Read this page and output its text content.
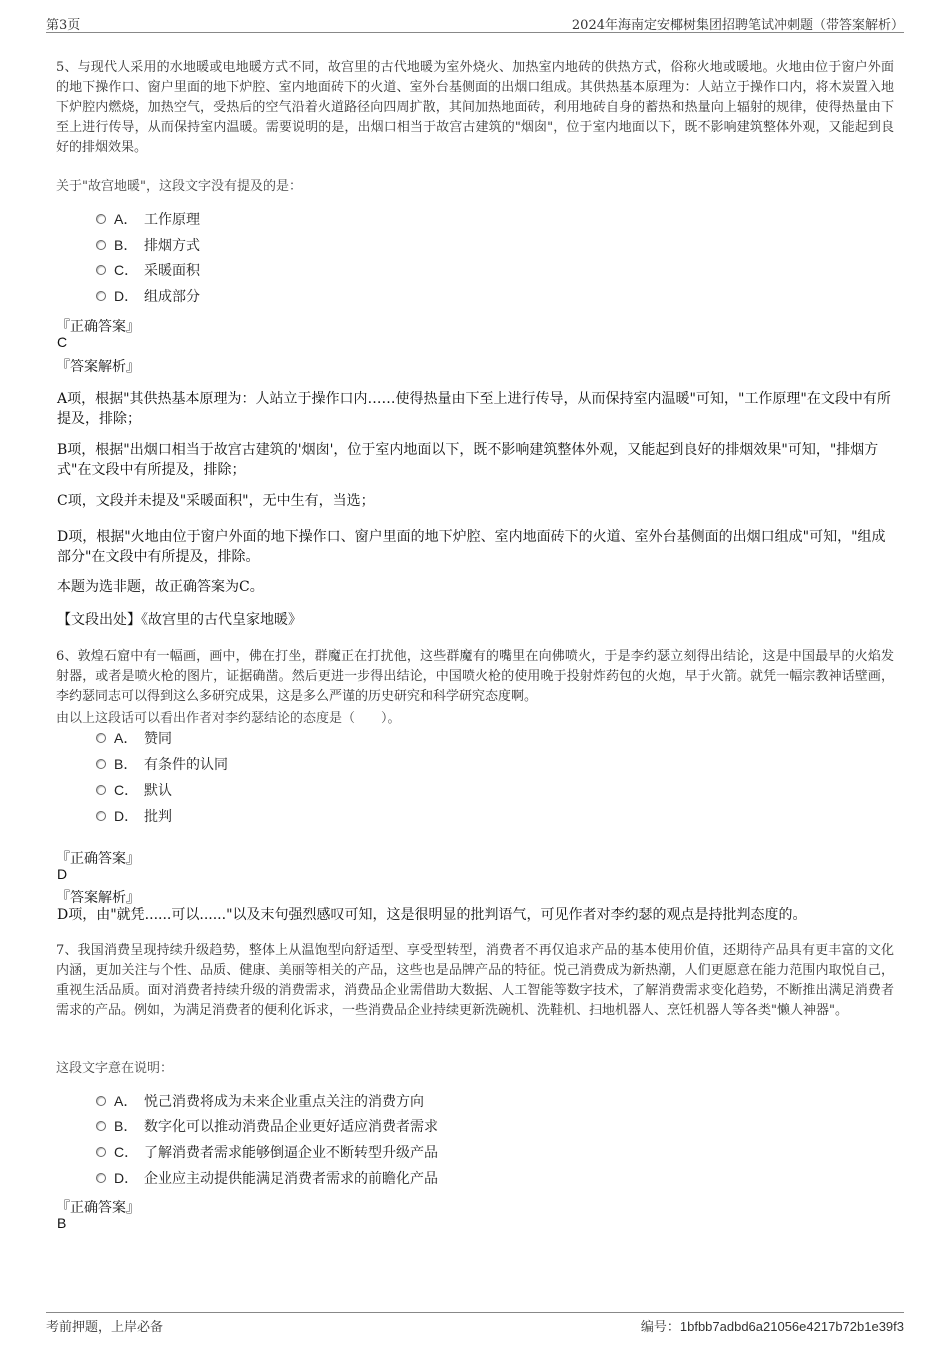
第3页	2024年海南定安椰树集团招聘笔试冲刺题（带答案解析）
5、与现代人采用的水地暖或电地暖方式不同，故宫里的古代地暖为室外烧火、加热室内地砖的供热方式，俗称火地或暖地。火地由位于窗户外面的地下操作口、窗户里面的地下炉腔、室内地面砖下的火道、室外台基侧面的出烟口组成。其供热基本原理为：人站立于操作口内，将木炭置入地下炉腔内燃烧，加热空气，受热后的空气沿着火道路径向四周扩散，其间加热地面砖，利用地砖自身的蓄热和热量向上辐射的规律，使得热量由下至上进行传导，从而保持室内温暖。需要说明的是，出烟口相当于故宫古建筑的"烟囱"，位于室内地面以下，既不影响建筑整体外观，又能起到良好的排烟效果。
关于"故宫地暖"，这段文字没有提及的是：
A． 工作原理
B． 排烟方式
C． 采暖面积
D． 组成部分
『正确答案』
C
『答案解析』
A项，根据"其供热基本原理为：人站立于操作口内……使得热量由下至上进行传导，从而保持室内温暖"可知，"工作原理"在文段中有所提及，排除；
B项，根据"出烟口相当于故宫古建筑的'烟囱'，位于室内地面以下，既不影响建筑整体外观，又能起到良好的排烟效果"可知，"排烟方式"在文段中有所提及，排除；
C项，文段并未提及"采暖面积"，无中生有，当选；
D项，根据"火地由位于窗户外面的地下操作口、窗户里面的地下炉腔、室内地面砖下的火道、室外台基侧面的出烟口组成"可知，"组成部分"在文段中有所提及，排除。
本题为选非题，故正确答案为C。
【文段出处】《故宫里的古代皇家地暖》
6、敦煌石窟中有一幅画，画中，佛在打坐，群魔正在打扰他，这些群魔有的嘴里在向佛喷火，于是李约瑟立刻得出结论，这是中国最早的火焰发射器，或者是喷火枪的图片，证据确凿。然后更进一步得出结论，中国喷火枪的使用晚于投射炸药包的火炮，早于火箭。就凭一幅宗教神话壁画，李约瑟同志可以得到这么多研究成果，这是多么严谨的历史研究和科学研究态度啊。
由以上这段话可以看出作者对李约瑟结论的态度是（　　）。
A． 赞同
B． 有条件的认同
C． 默认
D． 批判
『正确答案』
D
『答案解析』
D项，由"就凭......可以......"以及末句强烈感叹可知，这是很明显的批判语气，可见作者对李约瑟的观点是持批判态度的。
7、我国消费呈现持续升级趋势，整体上从温饱型向舒适型、享受型转型，消费者不再仅追求产品的基本使用价值，还期待产品具有更丰富的文化内涵，更加关注与个性、品质、健康、美丽等相关的产品，这些也是品牌产品的特征。悦己消费成为新热潮，人们更愿意在能力范围内取悦自己，重视生活品质。面对消费者持续升级的消费需求，消费品企业需借助大数据、人工智能等数字技术，了解消费需求变化趋势，不断推出满足消费者需求的产品。例如，为满足消费者的便利化诉求，一些消费品企业持续更新洗碗机、洗鞋机、扫地机器人、烹饪机器人等各类"懒人神器"。
这段文字意在说明：
A． 悦己消费将成为未来企业重点关注的消费方向
B． 数字化可以推动消费品企业更好适应消费者需求
C． 了解消费者需求能够倒逼企业不断转型升级产品
D． 企业应主动提供能满足消费者需求的前瞻化产品
『正确答案』
B
考前押题，上岸必备	编号：1bfbb7adbd6a21056e4217b72b1e39f3
